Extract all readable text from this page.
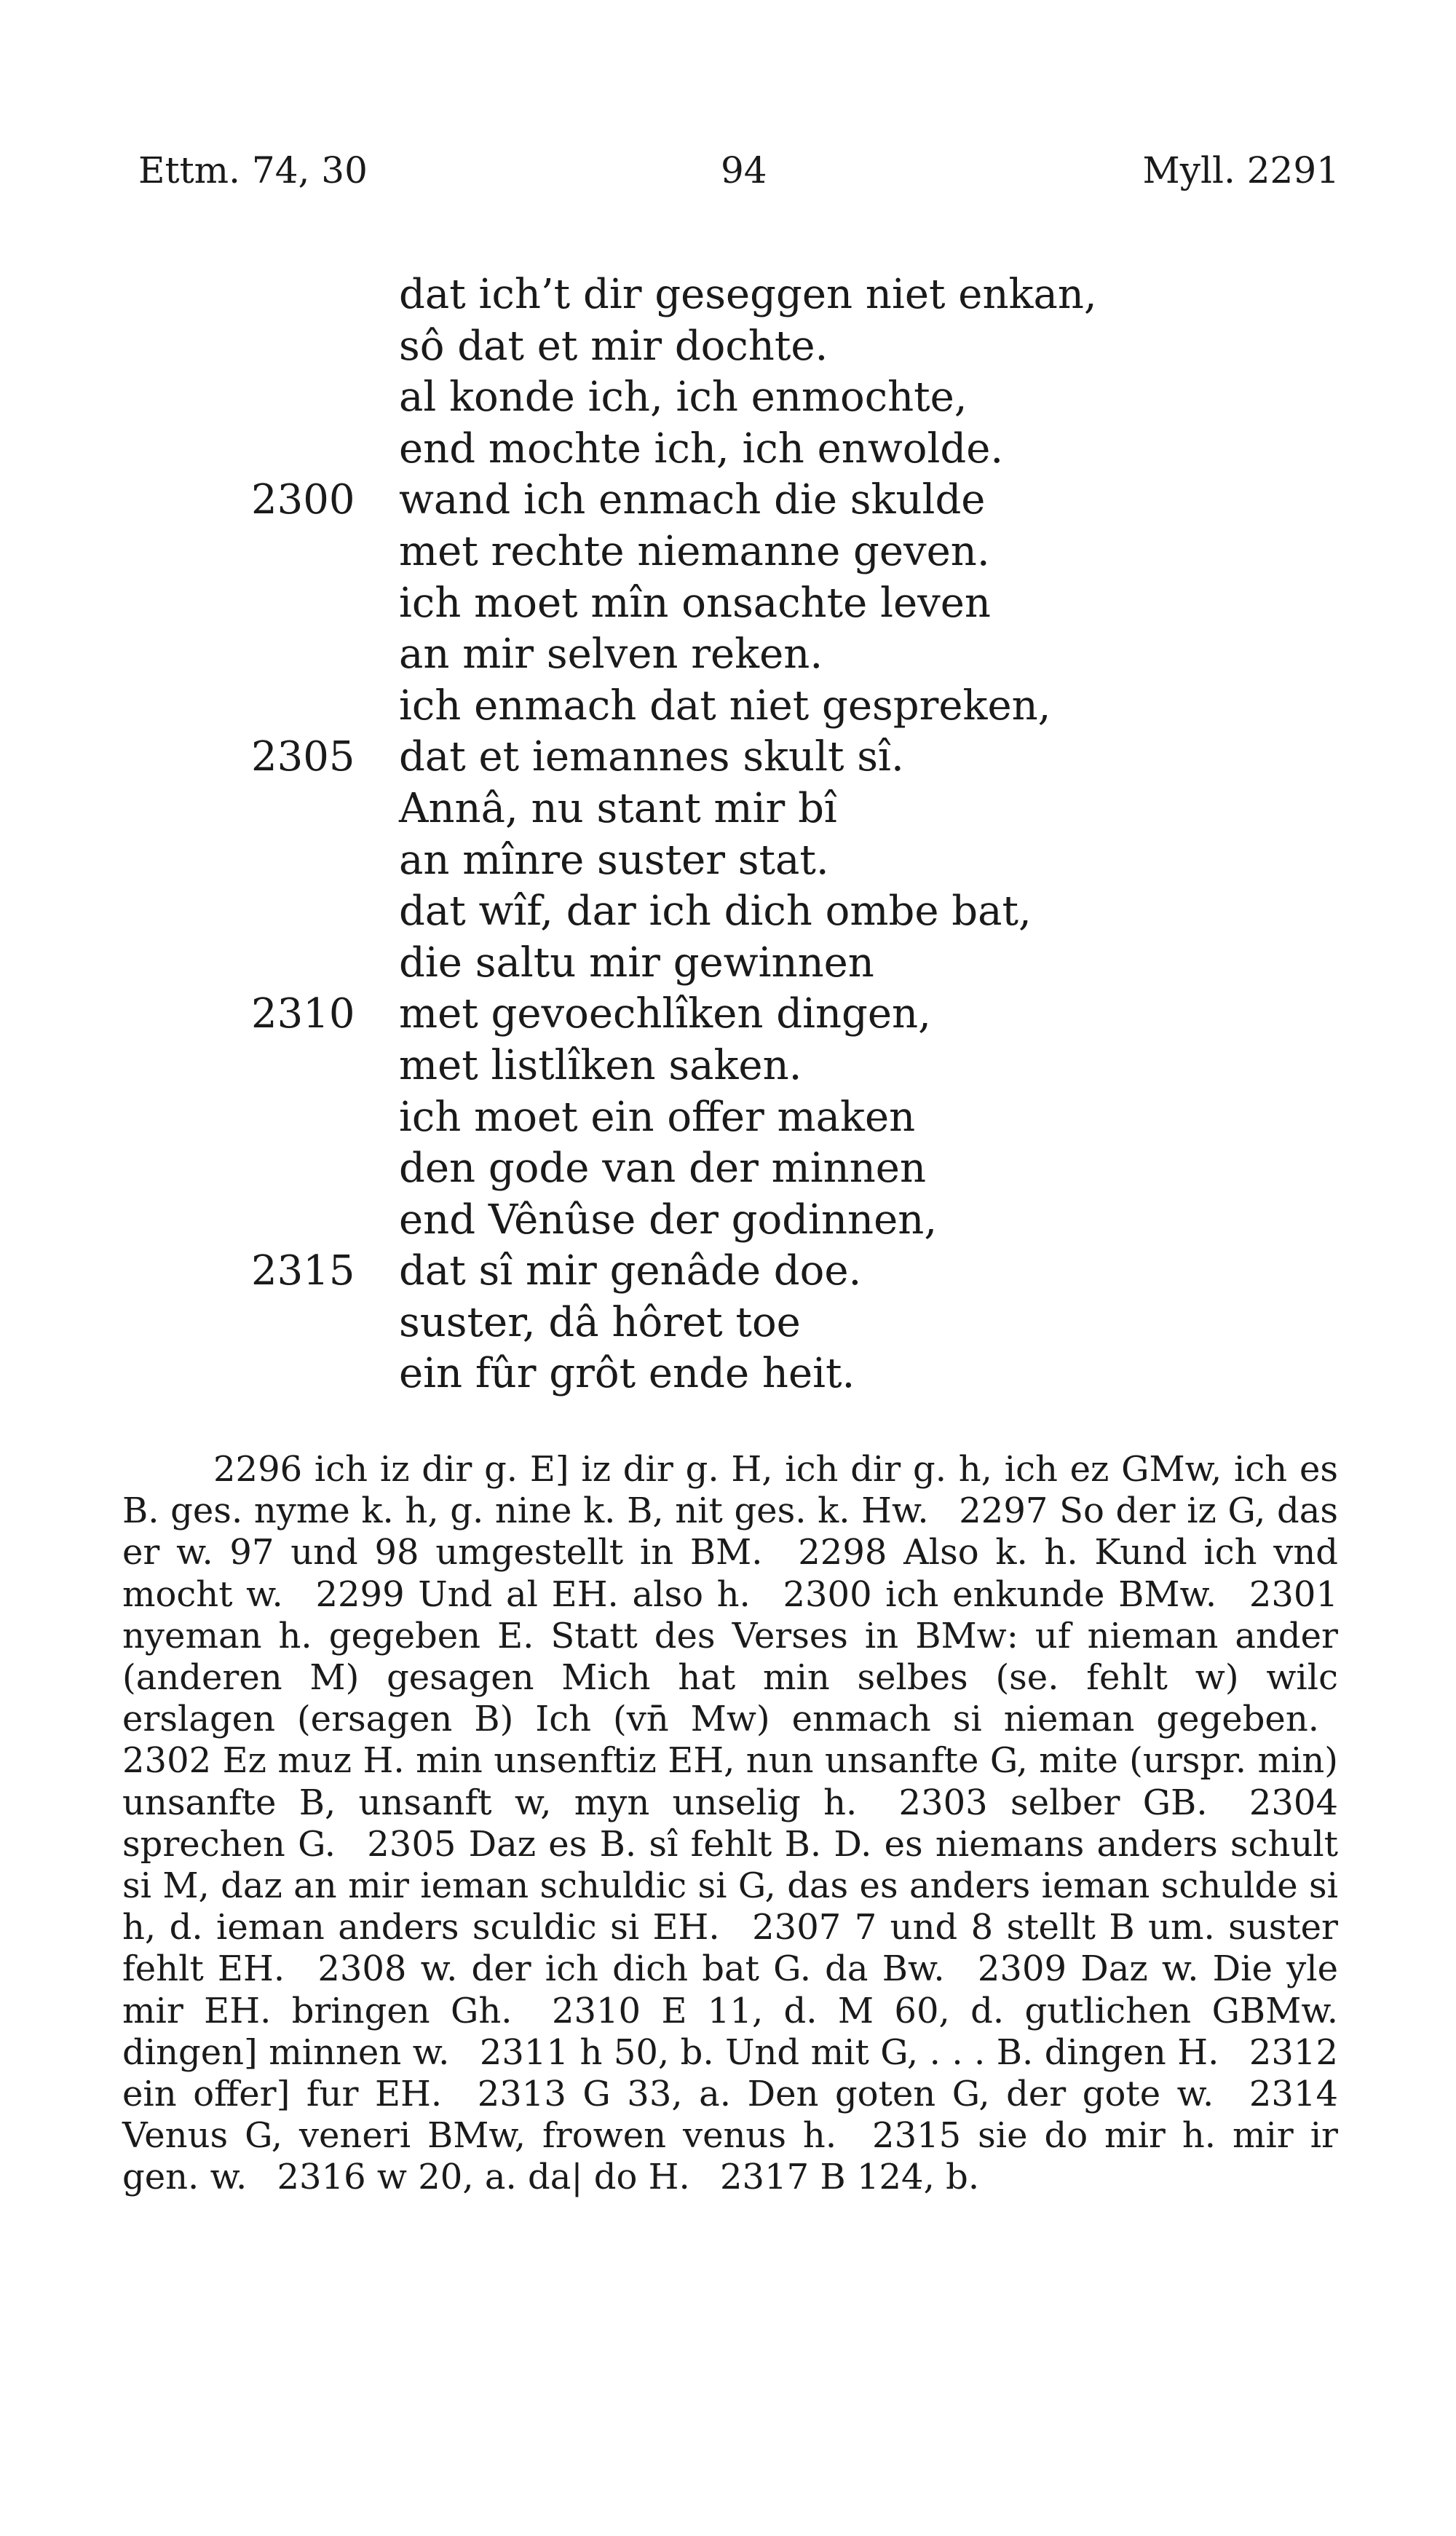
Ettm. 74, 30	94	Myll. 2291
dat ich’t dir geseggen niet enkan,
sô dat et mir dochte.
al konde ich, ich enmochte,
end mochte ich, ich enwolde.
2300 wand ich enmach die skulde
met rechte niemanne geven.
ich moet mîn onsachte leven
an mir selven reken.
ich enmach dat niet gespreken,
2305 dat et iemannes skult sî.
Annâ, nu stant mir bî
an mînre suster stat.
dat wîf, dar ich dich ombe bat,
die saltu mir gewinnen
2310 met gevoechlîken dingen,
met listlîken saken.
ich moet ein offer maken
den gode van der minnen
end Vênûse der godinnen,
2315 dat sî mir genâde doe.
suster, dâ hôret toe
ein fûr grôt ende heit.
2296 ich iz dir g. E] iz dir g. H, ich dir g. h, ich ez GMw, ich es B. ges. nyme k. h, g. nine k. B, nit ges. k. Hw. 2297 So der iz G, das er w. 97 und 98 umgestellt in BM. 2298 Also k. h. Kund ich vnd mocht w. 2299 Und al EH. also h. 2300 ich enkunde BMw. 2301 nyeman h. gegeben E. Statt des Verses in BMw: uf nieman ander (anderen M) gesagen Mich hat min selbes (se. fehlt w) wilc erslagen (ersagen B) Ich (vn̄ Mw) enmach si nieman gegeben. 2302 Ez muz H. min unsenftiz EH, nun unsanfte G, mite (urspr. min) unsanfte B, unsanft w, myn unselig h. 2303 selber GB. 2304 sprechen G. 2305 Daz es B. sî fehlt B. D. es niemans anders schult si M, daz an mir ieman schuldic si G, das es anders ieman schulde si h, d. ieman anders sculdic si EH. 2307 7 und 8 stellt B um. suster fehlt EH. 2308 w. der ich dich bat G. da Bw. 2309 Daz w. Die yle mir EH. bringen Gh. 2310 E 11, d. M 60, d. gutlichen GBMw. dingen] minnen w. 2311 h 50, b. Und mit G, . . . B. dingen H. 2312 ein offer] fur EH. 2313 G 33, a. Den goten G, der gote w. 2314 Venus G, veneri BMw, frowen venus h. 2315 sie do mir h. mir ir gen. w. 2316 w 20, a. da| do H. 2317 B 124, b.
